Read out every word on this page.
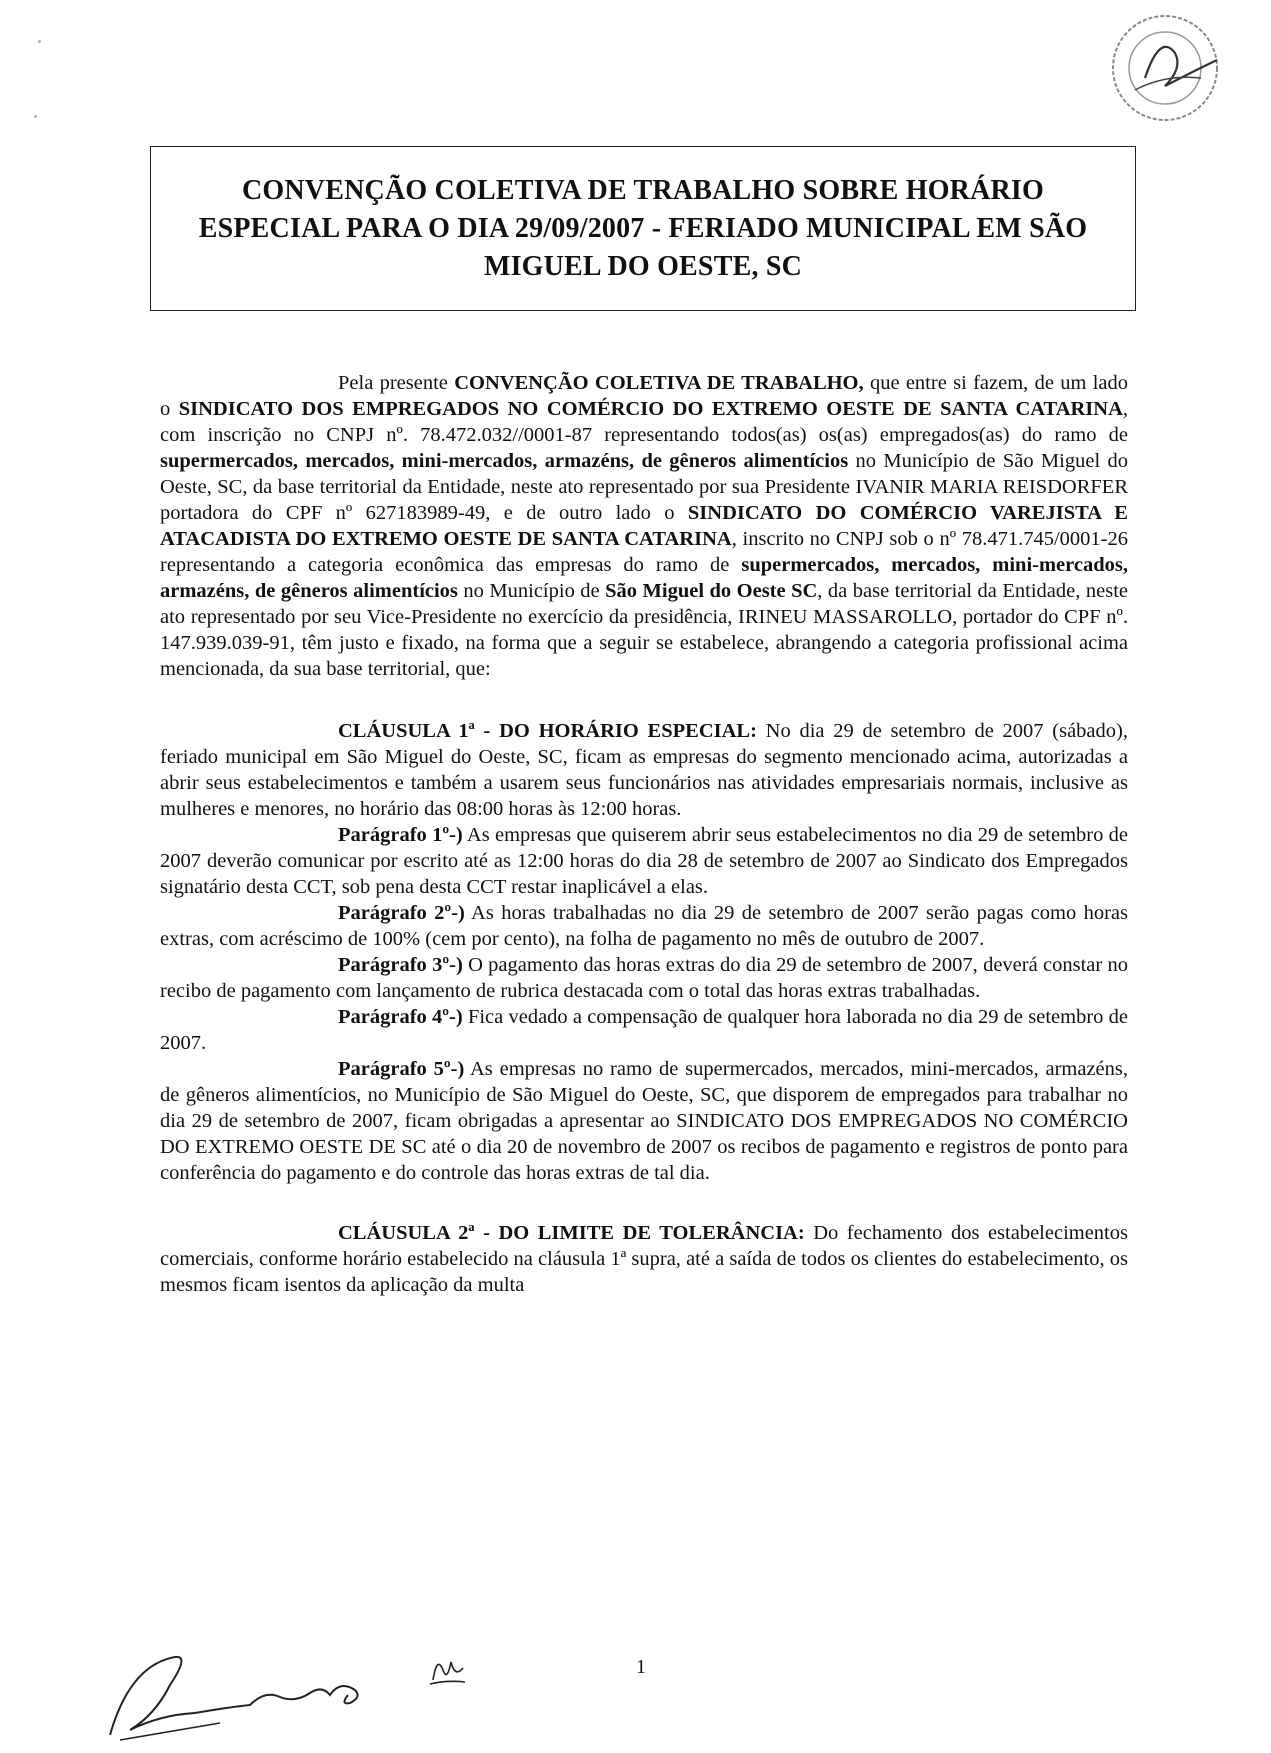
CONVENÇÃO COLETIVA DE TRABALHO SOBRE HORÁRIO
ESPECIAL PARA O DIA 29/09/2007 - FERIADO MUNICIPAL EM SÃO
MIGUEL DO OESTE, SC

Pela presente CONVENÇÃO COLETIVA DE TRABALHO, que entre si fazem, de um lado o SINDICATO DOS EMPREGADOS NO COMÉRCIO DO EXTREMO OESTE DE SANTA CATARINA, com inscrição no CNPJ nº. 78.472.032//0001-87 representando todos(as) os(as) empregados(as) do ramo de supermercados, mercados, mini-mercados, armazéns, de gêneros alimentícios no Município de São Miguel do Oeste, SC, da base territorial da Entidade, neste ato representado por sua Presidente IVANIR MARIA REISDORFER portadora do CPF nº 627183989-49, e de outro lado o SINDICATO DO COMÉRCIO VAREJISTA E ATACADISTA DO EXTREMO OESTE DE SANTA CATARINA, inscrito no CNPJ sob o nº 78.471.745/0001-26 representando a categoria econômica das empresas do ramo de supermercados, mercados, mini-mercados, armazéns, de gêneros alimentícios no Município de São Miguel do Oeste SC, da base territorial da Entidade, neste ato representado por seu Vice-Presidente no exercício da presidência, IRINEU MASSAROLLO, portador do CPF nº. 147.939.039-91, têm justo e fixado, na forma que a seguir se estabelece, abrangendo a categoria profissional acima mencionada, da sua base territorial, que:

CLÁUSULA 1ª - DO HORÁRIO ESPECIAL: No dia 29 de setembro de 2007 (sábado), feriado municipal em São Miguel do Oeste, SC, ficam as empresas do segmento mencionado acima, autorizadas a abrir seus estabelecimentos e também a usarem seus funcionários nas atividades empresariais normais, inclusive as mulheres e menores, no horário das 08:00 horas às 12:00 horas.

Parágrafo 1º-) As empresas que quiserem abrir seus estabelecimentos no dia 29 de setembro de 2007 deverão comunicar por escrito até as 12:00 horas do dia 28 de setembro de 2007 ao Sindicato dos Empregados signatário desta CCT, sob pena desta CCT restar inaplicável a elas.

Parágrafo 2º-) As horas trabalhadas no dia 29 de setembro de 2007 serão pagas como horas extras, com acréscimo de 100% (cem por cento), na folha de pagamento no mês de outubro de 2007.

Parágrafo 3º-) O pagamento das horas extras do dia 29 de setembro de 2007, deverá constar no recibo de pagamento com lançamento de rubrica destacada com o total das horas extras trabalhadas.

Parágrafo 4º-) Fica vedado a compensação de qualquer hora laborada no dia 29 de setembro de 2007.

Parágrafo 5º-) As empresas no ramo de supermercados, mercados, mini-mercados, armazéns, de gêneros alimentícios, no Município de São Miguel do Oeste, SC, que disporem de empregados para trabalhar no dia 29 de setembro de 2007, ficam obrigadas a apresentar ao SINDICATO DOS EMPREGADOS NO COMÉRCIO DO EXTREMO OESTE DE SC até o dia 20 de novembro de 2007 os recibos de pagamento e registros de ponto para conferência do pagamento e do controle das horas extras de tal dia.

CLÁUSULA 2ª - DO LIMITE DE TOLERÂNCIA: Do fechamento dos estabelecimentos comerciais, conforme horário estabelecido na cláusula 1ª supra, até a saída de todos os clientes do estabelecimento, os mesmos ficam isentos da aplicação da multa

1
